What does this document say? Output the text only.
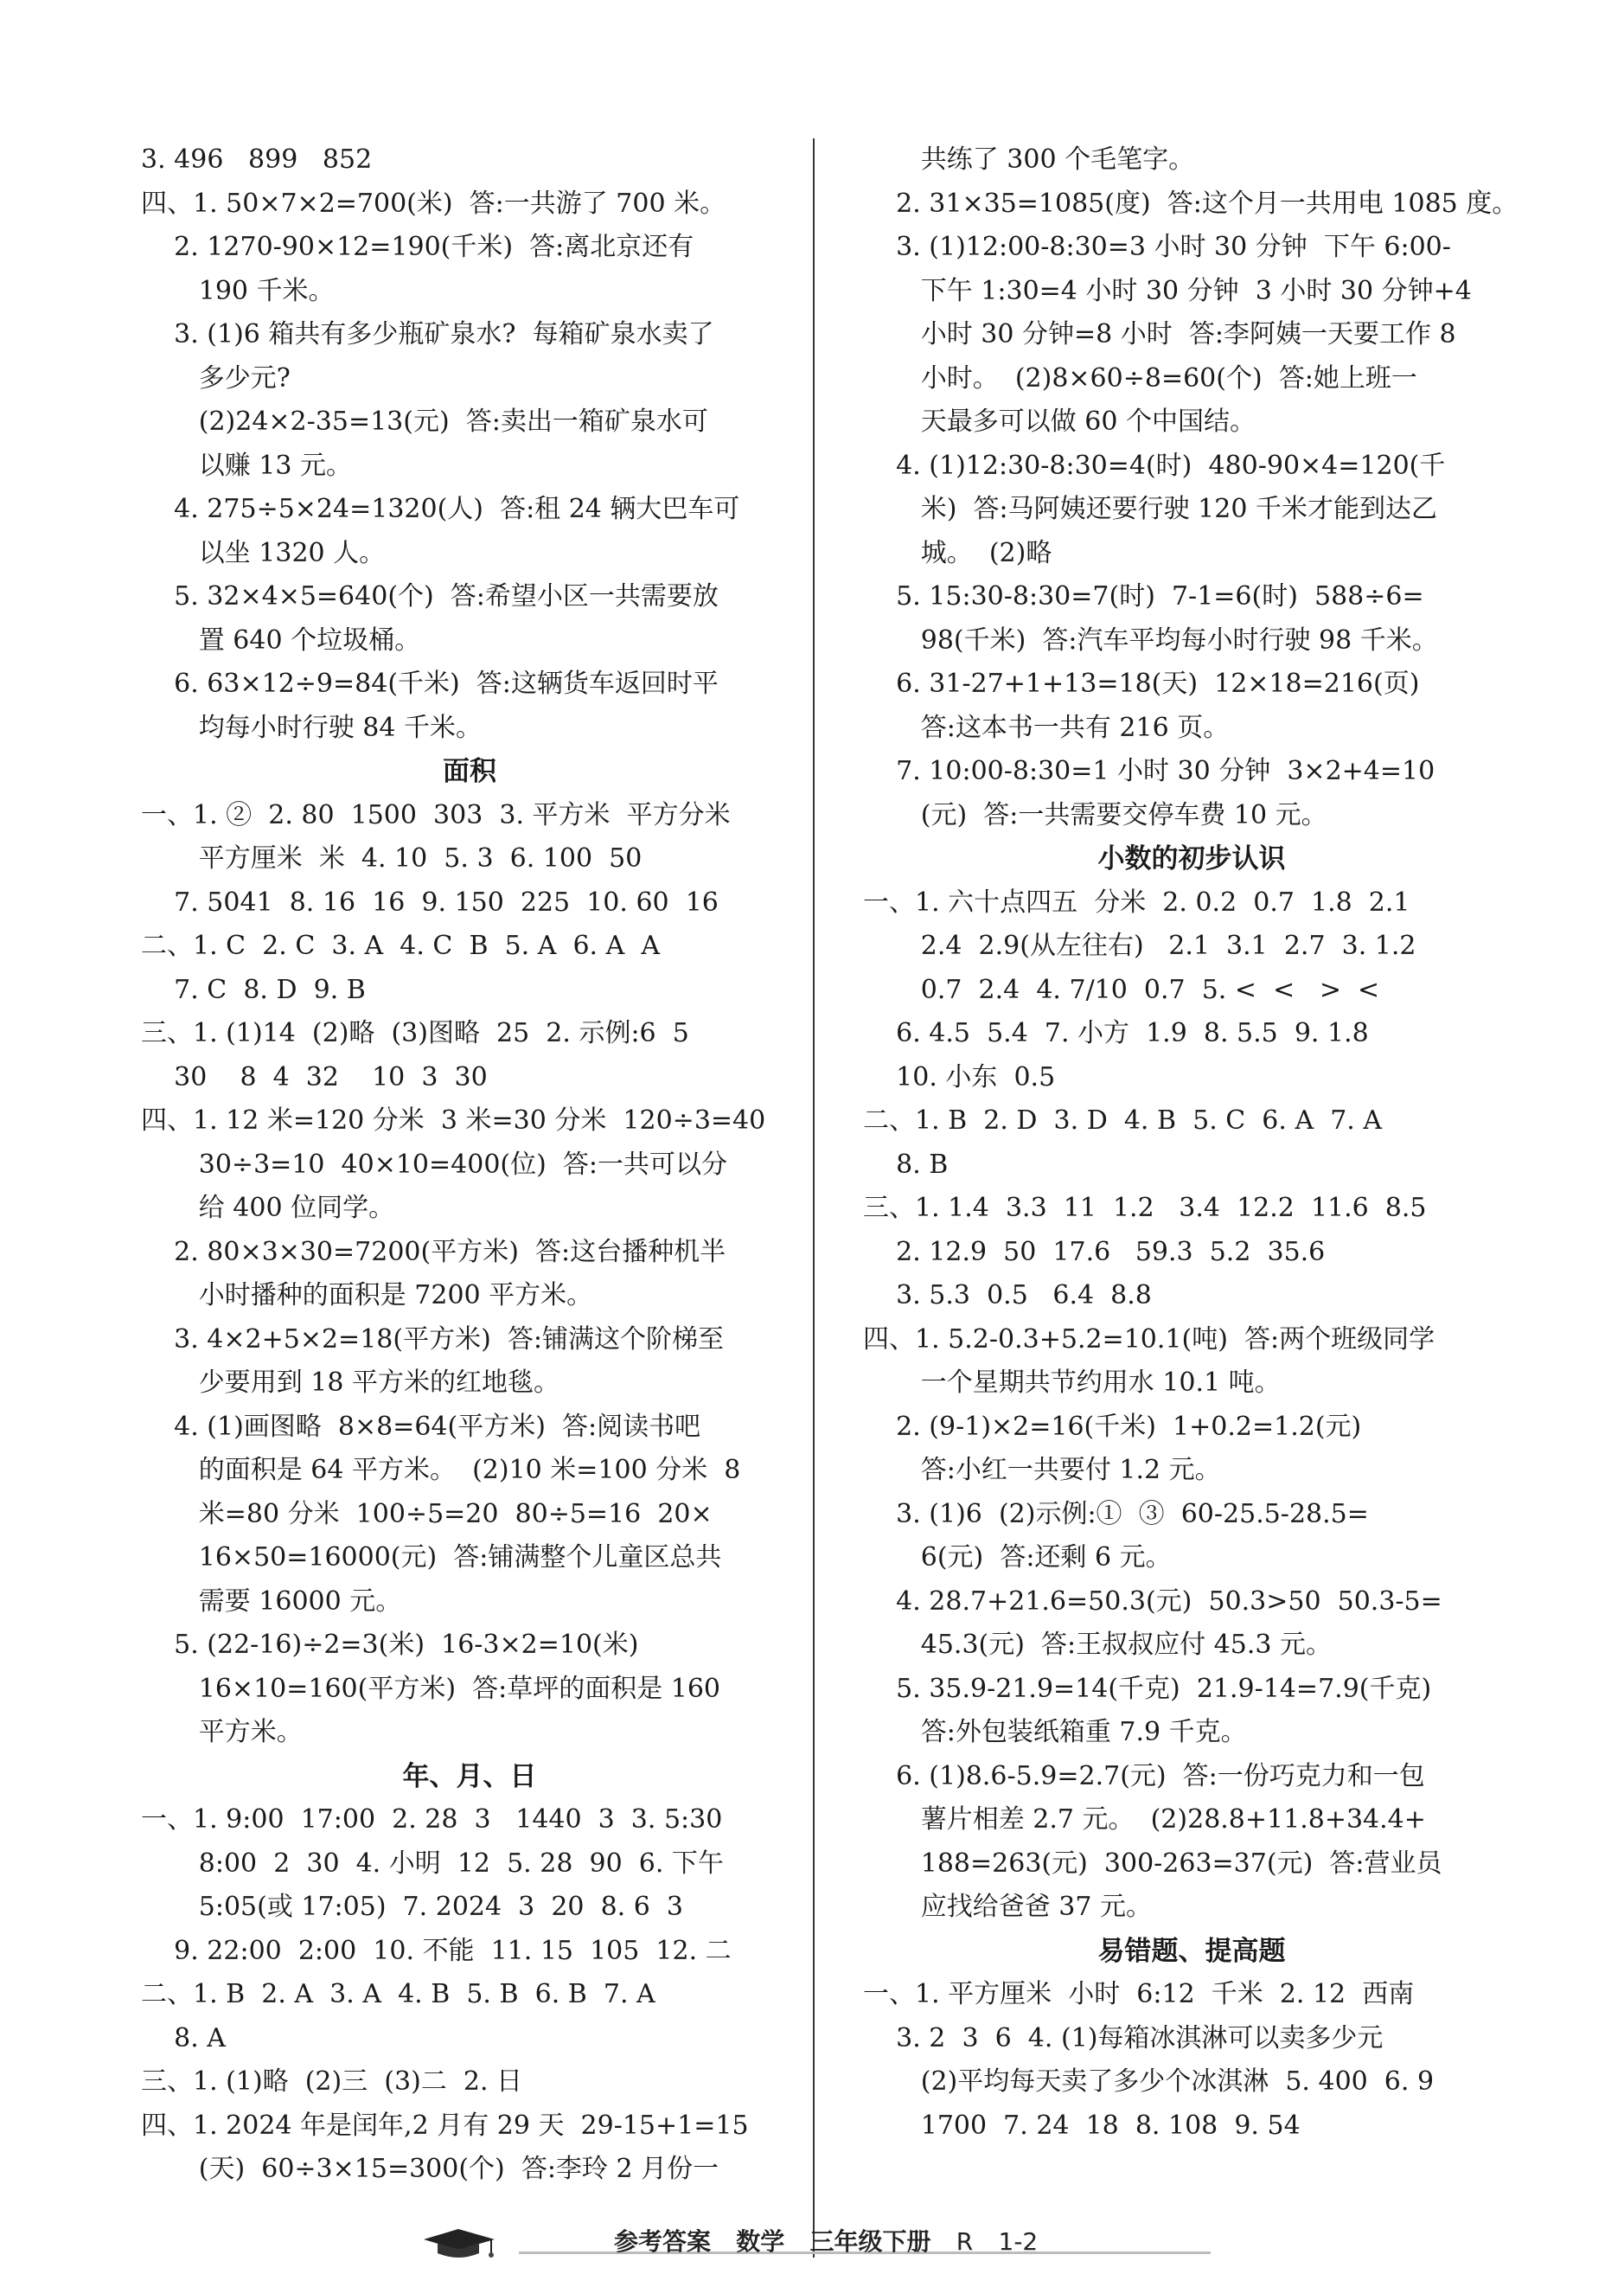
3. 496   899   852
四、1. 50×7×2=700(米)  答:一共游了 700 米。
2. 1270-90×12=190(千米)  答:离北京还有
190 千米。
3. (1)6 箱共有多少瓶矿泉水?  每箱矿泉水卖了
多少元?
(2)24×2-35=13(元)  答:卖出一箱矿泉水可
以赚 13 元。
4. 275÷5×24=1320(人)  答:租 24 辆大巴车可
以坐 1320 人。
5. 32×4×5=640(个)  答:希望小区一共需要放
置 640 个垃圾桶。
6. 63×12÷9=84(千米)  答:这辆货车返回时平
均每小时行驶 84 千米。
面积
一、1. ②  2. 80  1500  303  3. 平方米  平方分米
平方厘米  米  4. 10  5. 3  6. 100  50
7. 5041  8. 16  16  9. 150  225  10. 60  16
二、1. C  2. C  3. A  4. C  B  5. A  6. A  A
7. C  8. D  9. B
三、1. (1)14  (2)略  (3)图略  25  2. 示例:6  5
30    8  4  32    10  3  30
四、1. 12 米=120 分米  3 米=30 分米  120÷3=40
30÷3=10  40×10=400(位)  答:一共可以分
给 400 位同学。
2. 80×3×30=7200(平方米)  答:这台播种机半
小时播种的面积是 7200 平方米。
3. 4×2+5×2=18(平方米)  答:铺满这个阶梯至
少要用到 18 平方米的红地毯。
4. (1)画图略  8×8=64(平方米)  答:阅读书吧
的面积是 64 平方米。  (2)10 米=100 分米  8
米=80 分米  100÷5=20  80÷5=16  20×
16×50=16000(元)  答:铺满整个儿童区总共
需要 16000 元。
5. (22-16)÷2=3(米)  16-3×2=10(米)
16×10=160(平方米)  答:草坪的面积是 160
平方米。
年、月、日
一、1. 9:00  17:00  2. 28  3   1440  3  3. 5:30
8:00  2  30  4. 小明  12  5. 28  90  6. 下午
5:05(或 17:05)  7. 2024  3  20  8. 6  3
9. 22:00  2:00  10. 不能  11. 15  105  12. 二
二、1. B  2. A  3. A  4. B  5. B  6. B  7. A
8. A
三、1. (1)略  (2)三  (3)二  2. 日
四、1. 2024 年是闰年,2 月有 29 天  29-15+1=15
(天)  60÷3×15=300(个)  答:李玲 2 月份一
共练了 300 个毛笔字。
2. 31×35=1085(度)  答:这个月一共用电 1085 度。
3. (1)12:00-8:30=3 小时 30 分钟  下午 6:00-
下午 1:30=4 小时 30 分钟  3 小时 30 分钟+4
小时 30 分钟=8 小时  答:李阿姨一天要工作 8
小时。  (2)8×60÷8=60(个)  答:她上班一
天最多可以做 60 个中国结。
4. (1)12:30-8:30=4(时)  480-90×4=120(千
米)  答:马阿姨还要行驶 120 千米才能到达乙
城。  (2)略
5. 15:30-8:30=7(时)  7-1=6(时)  588÷6=
98(千米)  答:汽车平均每小时行驶 98 千米。
6. 31-27+1+13=18(天)  12×18=216(页)
答:这本书一共有 216 页。
7. 10:00-8:30=1 小时 30 分钟  3×2+4=10
(元)  答:一共需要交停车费 10 元。
小数的初步认识
一、1. 六十点四五  分米  2. 0.2  0.7  1.8  2.1
2.4  2.9(从左往右)   2.1  3.1  2.7  3. 1.2
0.7  2.4  4. 7/10  0.7  5. <  <   >  <
6. 4.5  5.4  7. 小方  1.9  8. 5.5  9. 1.8
10. 小东  0.5
二、1. B  2. D  3. D  4. B  5. C  6. A  7. A
8. B
三、1. 1.4  3.3  11  1.2   3.4  12.2  11.6  8.5
2. 12.9  50  17.6   59.3  5.2  35.6
3. 5.3  0.5   6.4  8.8
四、1. 5.2-0.3+5.2=10.1(吨)  答:两个班级同学
一个星期共节约用水 10.1 吨。
2. (9-1)×2=16(千米)  1+0.2=1.2(元)
答:小红一共要付 1.2 元。
3. (1)6  (2)示例:①  ③  60-25.5-28.5=
6(元)  答:还剩 6 元。
4. 28.7+21.6=50.3(元)  50.3>50  50.3-5=
45.3(元)  答:王叔叔应付 45.3 元。
5. 35.9-21.9=14(千克)  21.9-14=7.9(千克)
答:外包装纸箱重 7.9 千克。
6. (1)8.6-5.9=2.7(元)  答:一份巧克力和一包
薯片相差 2.7 元。  (2)28.8+11.8+34.4+
188=263(元)  300-263=37(元)  答:营业员
应找给爸爸 37 元。
易错题、提高题
一、1. 平方厘米  小时  6:12  千米  2. 12  西南
3. 2  3  6  4. (1)每箱冰淇淋可以卖多少元
(2)平均每天卖了多少个冰淇淋  5. 400  6. 9
1700  7. 24  18  8. 108  9. 54
参考答案 数学 三年级下册 R 1-2
